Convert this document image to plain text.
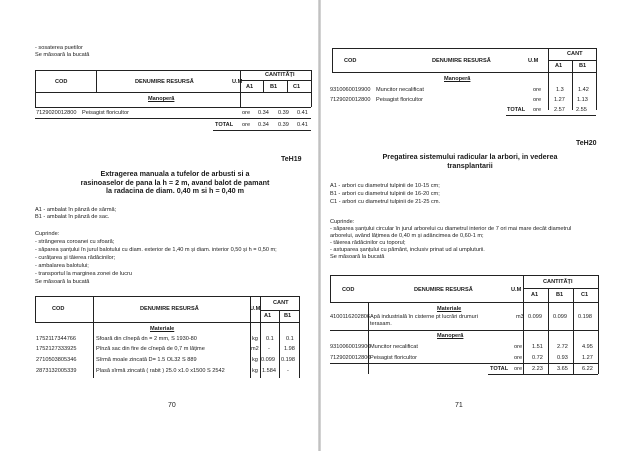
- sosaterea puetilor
Se măsoară la bucată
COD	DENUMIRE RESURSĂ	U.M
CANTITĂȚI
A1	B1	C1
Manoperă
7129020012800 Peisagist floricultor	ore 0.34 0.39 0.41
TOTAL ore 0.34 0.39 0.41
TeH19
Extragerea manuala a tufelor de arbusti si a
rasinoaselor de pana la h = 2 m, avand balot de pamant
la radacina de diam. 0,40 m si h = 0,40 m
A1 - ambalat în pânză de sârmă;
B1 - ambalat în pânză de sac.
Cuprinde:
- strângerea coroanei cu sfoară;
- săparea șanțului în jurul balotului cu diam. exterior de 1,40 m și diam. interior 0,50 și h = 0,50 m;
- curățarea și tăierea rădăcinilor;
- ambalarea balotului;
- transportul la marginea zonei de lucru
Se măsoară la bucată
COD	DENUMIRE RESURSĂ	U.M
CANT
A1 B1
Materiale
1752117344766	Sfoară din cînepă dn = 2 mm, S 1930-80	kg 0.1 0.1
1752127333925	Pînză sac din fire de cînepă de 0,7 m lățime	m2 -	1.98
2710503805346	Sîrmă moale zincată D= 1.5 OL32 S 889	kg 0.099 0.198
2873132005339	Plasă sîrmă zincată ( rabit ) 25.0 x1.0 x1500 S 2542	kg 1.584 -
70
COD	DENUMIRE RESURSĂ	U.M
CANT
A1	B1
Manoperă
9310060019900 Muncitor necalificat	ore	1.3	1.42
7129020012800 Peisagist floricultor	ore 1.27 1.13
TOTAL ore 2.57 2.55
TeH20
Pregatirea sistemului radicular la arbori, in vederea
transplantarii
A1 - arbori cu diametrul tulpinii de 10-15 cm;
B1 - arbori cu diametrul tulpinii de 16-20 cm;
C1 - arbori cu diametrul tulpinii de 21-25 cm.
Cuprinde:
- săparea șanțului circular în jurul arborelui cu diametrul interior de 7 ori mai mare decât diametrul
arborelui, având lățimea de 0,40 m și adâncimea de 0,60-1 m;
- tăierea rădăcinilor cu toporul;
- astuparea șanțului cu pământ, inclusiv prinat ud al umpluturii.
Se măsoară la bucată
COD	DENUMIRE RESURSĂ	U.M
CANTITĂȚI
A1	B1	C1
Materiale
4100116202806 Apă industrială în cisterne pt lucrări drumuri
terasam.
m3 0.099 0.099 0.198
Manoperă
9310060019900 Muncitor necalificat	ore 1.51	2.72	4.95
7129020012800 Peisagist floricultor	ore 0.72	0.93	1.27
TOTAL ore 2.23	3.65	6.22
71
